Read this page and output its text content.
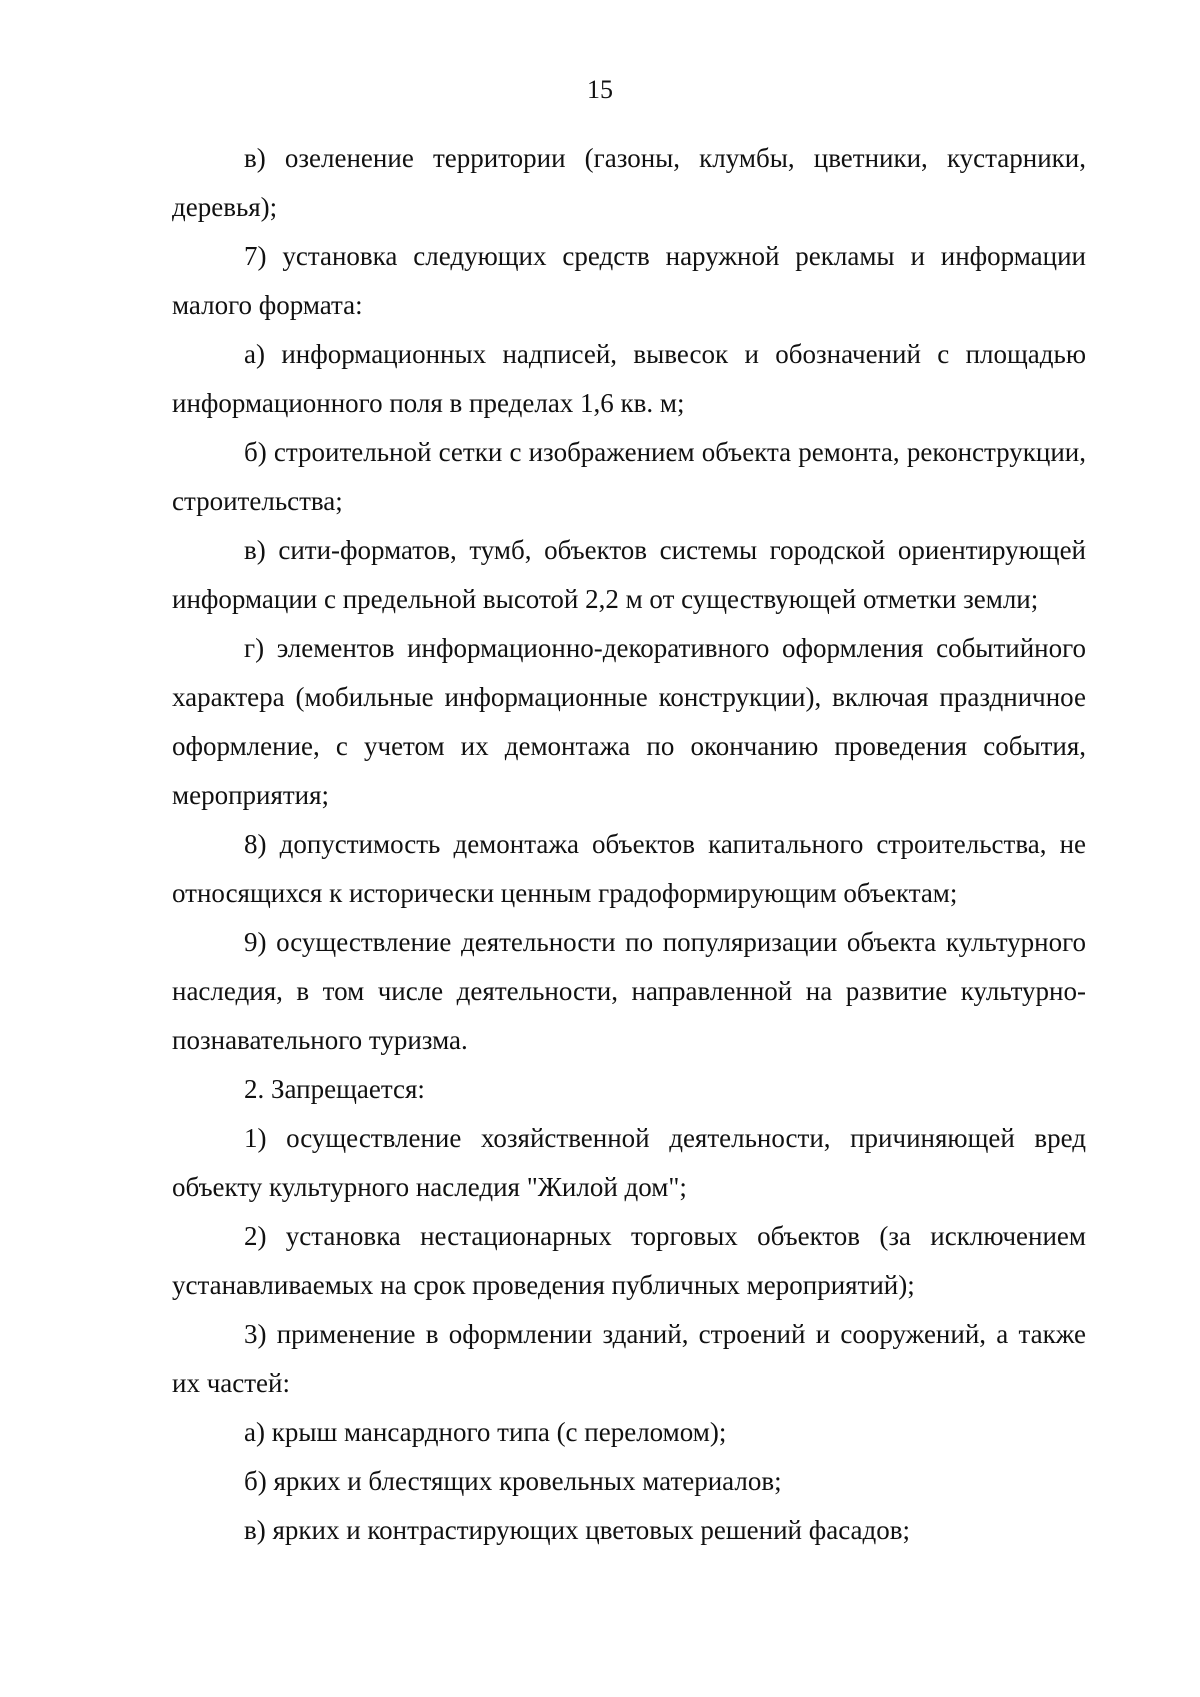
15

в) озеленение территории (газоны, клумбы, цветники, кустарники, деревья);

7) установка следующих средств наружной рекламы и информации малого формата:

а) информационных надписей, вывесок и обозначений с площадью информационного поля в пределах 1,6 кв. м;

б) строительной сетки с изображением объекта ремонта, реконструкции, строительства;

в) сити-форматов, тумб, объектов системы городской ориентирующей информации с предельной высотой 2,2 м от существующей отметки земли;

г) элементов информационно-декоративного оформления событийного характера (мобильные информационные конструкции), включая праздничное оформление, с учетом их демонтажа по окончанию проведения события, мероприятия;

8) допустимость демонтажа объектов капитального строительства, не относящихся к исторически ценным градоформирующим объектам;

9) осуществление деятельности по популяризации объекта культурного наследия, в том числе деятельности, направленной на развитие культурно-познавательного туризма.

2. Запрещается:

1) осуществление хозяйственной деятельности, причиняющей вред объекту культурного наследия "Жилой дом";

2) установка нестационарных торговых объектов (за исключением устанавливаемых на срок проведения публичных мероприятий);

3) применение в оформлении зданий, строений и сооружений, а также их частей:

а) крыш мансардного типа (с переломом);

б) ярких и блестящих кровельных материалов;

в) ярких и контрастирующих цветовых решений фасадов;
